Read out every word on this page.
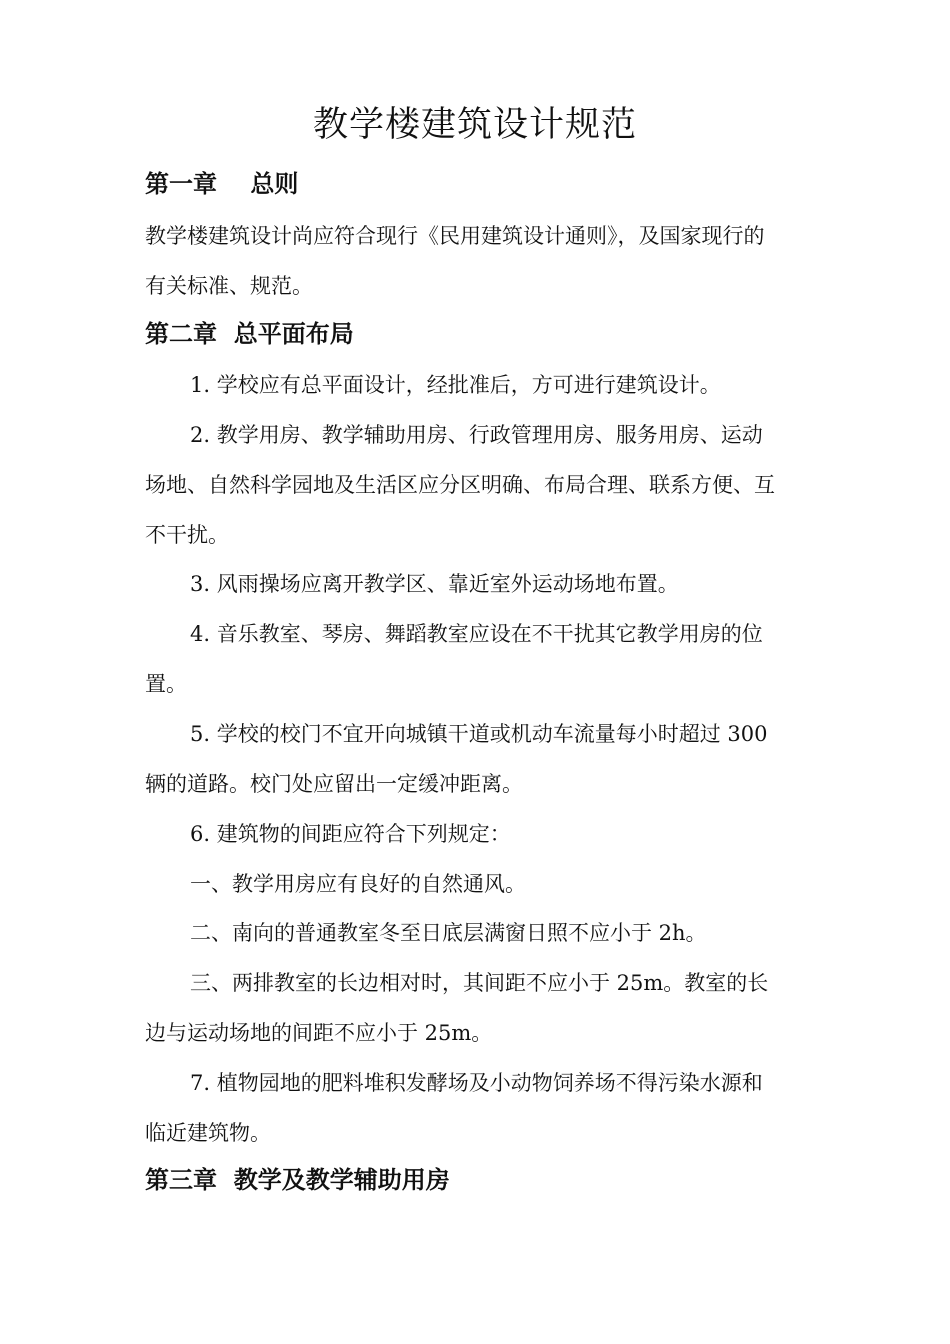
教学楼建筑设计规范
第一章    总则
教学楼建筑设计尚应符合现行《民用建筑设计通则》，及国家现行的
有关标准、规范。
第二章  总平面布局
1. 学校应有总平面设计，经批准后，方可进行建筑设计。
2. 教学用房、教学辅助用房、行政管理用房、服务用房、运动
场地、自然科学园地及生活区应分区明确、布局合理、联系方便、互
不干扰。
3. 风雨操场应离开教学区、靠近室外运动场地布置。
4. 音乐教室、琴房、舞蹈教室应设在不干扰其它教学用房的位
置。
5. 学校的校门不宜开向城镇干道或机动车流量每小时超过 300
辆的道路。校门处应留出一定缓冲距离。
6. 建筑物的间距应符合下列规定：
一、教学用房应有良好的自然通风。
二、南向的普通教室冬至日底层满窗日照不应小于 2h。
三、两排教室的长边相对时，其间距不应小于 25m。教室的长
边与运动场地的间距不应小于 25m。
7. 植物园地的肥料堆积发酵场及小动物饲养场不得污染水源和
临近建筑物。
第三章  教学及教学辅助用房
